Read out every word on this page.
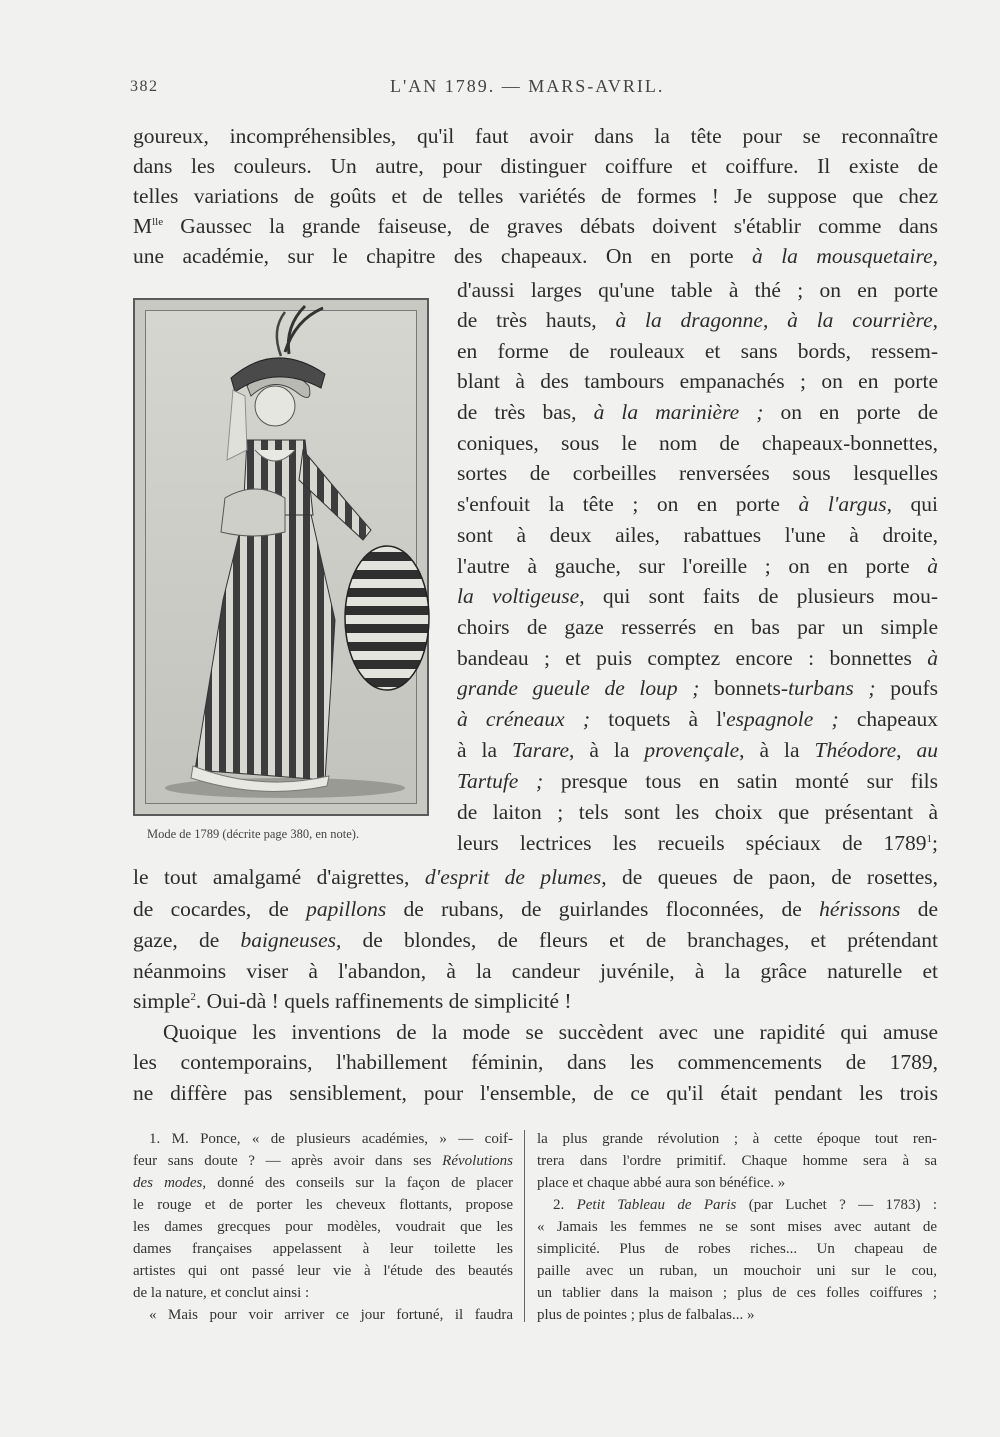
382	L'AN 1789. — MARS-AVRIL.
goureux, incompréhensibles, qu'il faut avoir dans la tête pour se reconnaître
dans les couleurs. Un autre, pour distinguer coiffure et coiffure. Il existe de
telles variations de goûts et de telles variétés de formes ! Je suppose que chez
$M^{lle}$ Gaussec la grande faiseuse, de graves débats doivent s'établir comme dans
une académie, sur le chapitre des chapeaux. On en porte à la mousquetaire,
Mode de 1789 (décrite page 380, en note).
d'aussi larges qu'une table à thé ; on en porte
de très hauts, à la dragonne, à la courrière,
en forme de rouleaux et sans bords, ressem-
blant à des tambours empanachés ; on en porte
de très bas, à la marinière ; on en porte de
coniques, sous le nom de chapeaux-bonnettes,
sortes de corbeilles renversées sous lesquelles
s'enfouit la tête ; on en porte à l'argus, qui
sont à deux ailes, rabattues l'une à droite,
l'autre à gauche, sur l'oreille ; on en porte à
la voltigeuse, qui sont faits de plusieurs mou-
choirs de gaze resserrés en bas par un simple
bandeau ; et puis comptez encore : bonnettes à
grande gueule de loup ; bonnets-turbans ; poufs
à créneaux ; toquets à l'espagnole ; chapeaux
à la Tarare, à la provençale, à la Théodore, au
Tartufe ; presque tous en satin monté sur fils
de laiton ; tels sont les choix que présentant à
leurs lectrices les recueils spéciaux de 1789$^1$;
le tout amalgamé d'aigrettes, d'esprit de plumes, de queues de paon, de rosettes,
de cocardes, de papillons de rubans, de guirlandes floconnées, de hérissons de
gaze, de baigneuses, de blondes, de fleurs et de branchages, et prétendant
néanmoins viser à l'abandon, à la candeur juvénile, à la grâce naturelle et
simple$^2$. Oui-dà ! quels raffinements de simplicité !
Quoique les inventions de la mode se succèdent avec une rapidité qui amuse
les contemporains, l'habillement féminin, dans les commencements de 1789,
ne diffère pas sensiblement, pour l'ensemble, de ce qu'il était pendant les trois
1. M. Ponce, « de plusieurs académies, » — coif-
feur sans doute ? — après avoir dans ses Révolutions
des modes, donné des conseils sur la façon de placer
le rouge et de porter les cheveux flottants, propose
les dames grecques pour modèles, voudrait que les
dames françaises appelassent à leur toilette les
artistes qui ont passé leur vie à l'étude des beautés
de la nature, et conclut ainsi :
« Mais pour voir arriver ce jour fortuné, il faudra
la plus grande révolution ; à cette époque tout ren-
trera dans l'ordre primitif. Chaque homme sera à sa
place et chaque abbé aura son bénéfice. »
2. Petit Tableau de Paris (par Luchet ? — 1783) :
« Jamais les femmes ne se sont mises avec autant de
simplicité. Plus de robes riches... Un chapeau de
paille avec un ruban, un mouchoir uni sur le cou,
un tablier dans la maison ; plus de ces folles coiffures ;
plus de pointes ; plus de falbalas... »
